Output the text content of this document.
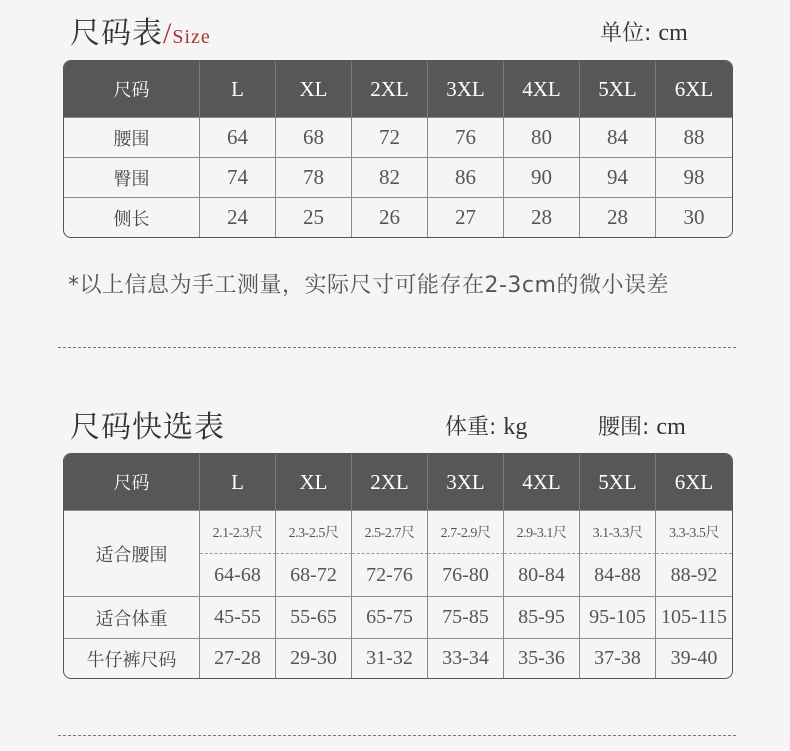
尺码表/Size	单位: cm
尺码	L	XL	2XL	3XL	4XL	5XL	6XL
腰围	64	68	72	76	80	84	88
臀围	74	78	82	86	90	94	98
侧长	24	25	26	27	28	28	30
*以上信息为手工测量，实际尺寸可能存在2-3cm的微小误差
尺码快选表	体重: kg	腰围: cm
尺码	L	XL	2XL	3XL	4XL	5XL	6XL
适合腰围	2.1-2.3尺	2.3-2.5尺	2.5-2.7尺	2.7-2.9尺	2.9-3.1尺	3.1-3.3尺	3.3-3.5尺
	64-68	68-72	72-76	76-80	80-84	84-88	88-92
适合体重	45-55	55-65	65-75	75-85	85-95	95-105	105-115
牛仔裤尺码	27-28	29-30	31-32	33-34	35-36	37-38	39-40
